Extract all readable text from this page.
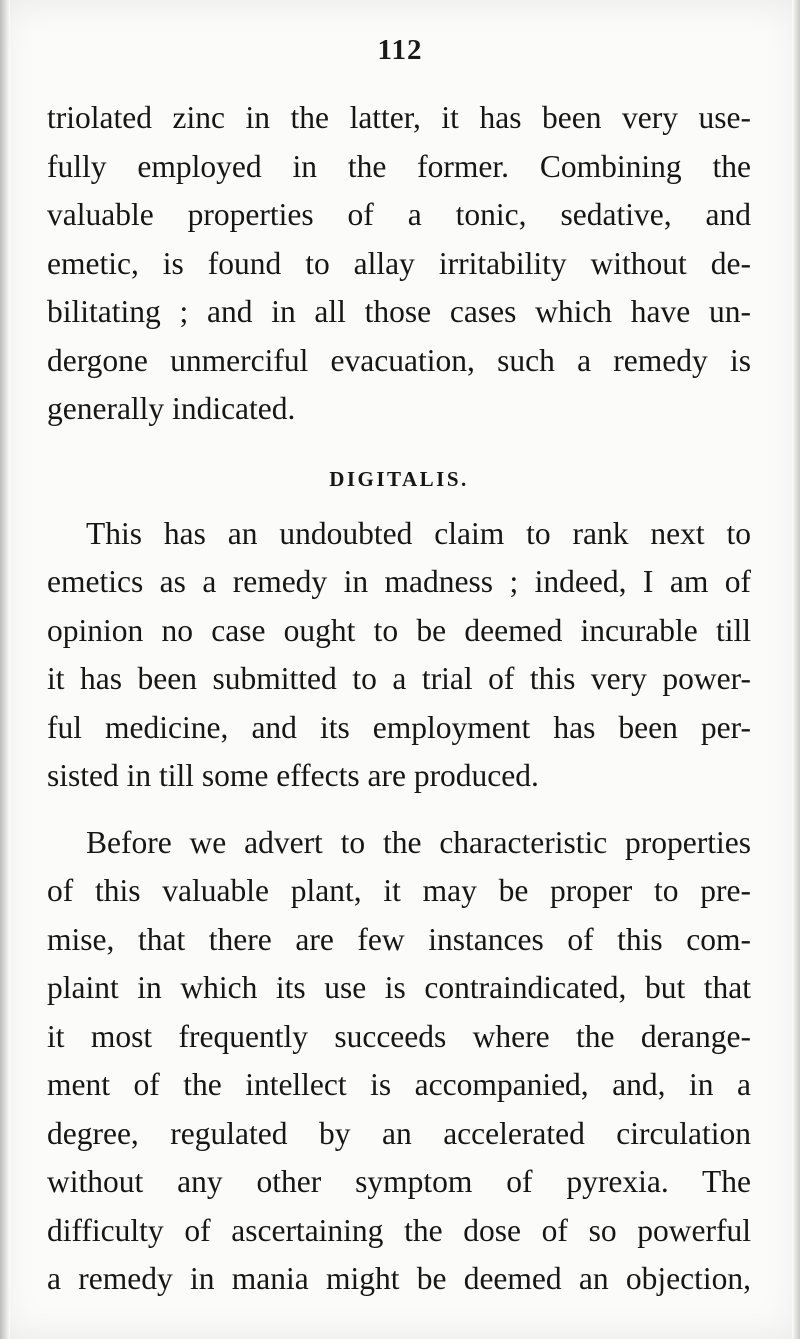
112
triolated zinc in the latter, it has been very use-
fully employed in the former. Combining the
valuable properties of a tonic, sedative, and
emetic, is found to allay irritability without de-
bilitating ; and in all those cases which have un-
dergone unmerciful evacuation, such a remedy is
generally indicated.
DIGITALIS.
This has an undoubted claim to rank next to
emetics as a remedy in madness ; indeed, I am of
opinion no case ought to be deemed incurable till
it has been submitted to a trial of this very power-
ful medicine, and its employment has been per-
sisted in till some effects are produced.
Before we advert to the characteristic properties
of this valuable plant, it may be proper to pre-
mise, that there are few instances of this com-
plaint in which its use is contraindicated, but that
it most frequently succeeds where the derange-
ment of the intellect is accompanied, and, in a
degree, regulated by an accelerated circulation
without any other symptom of pyrexia. The
difficulty of ascertaining the dose of so powerful
a remedy in mania might be deemed an objection,
